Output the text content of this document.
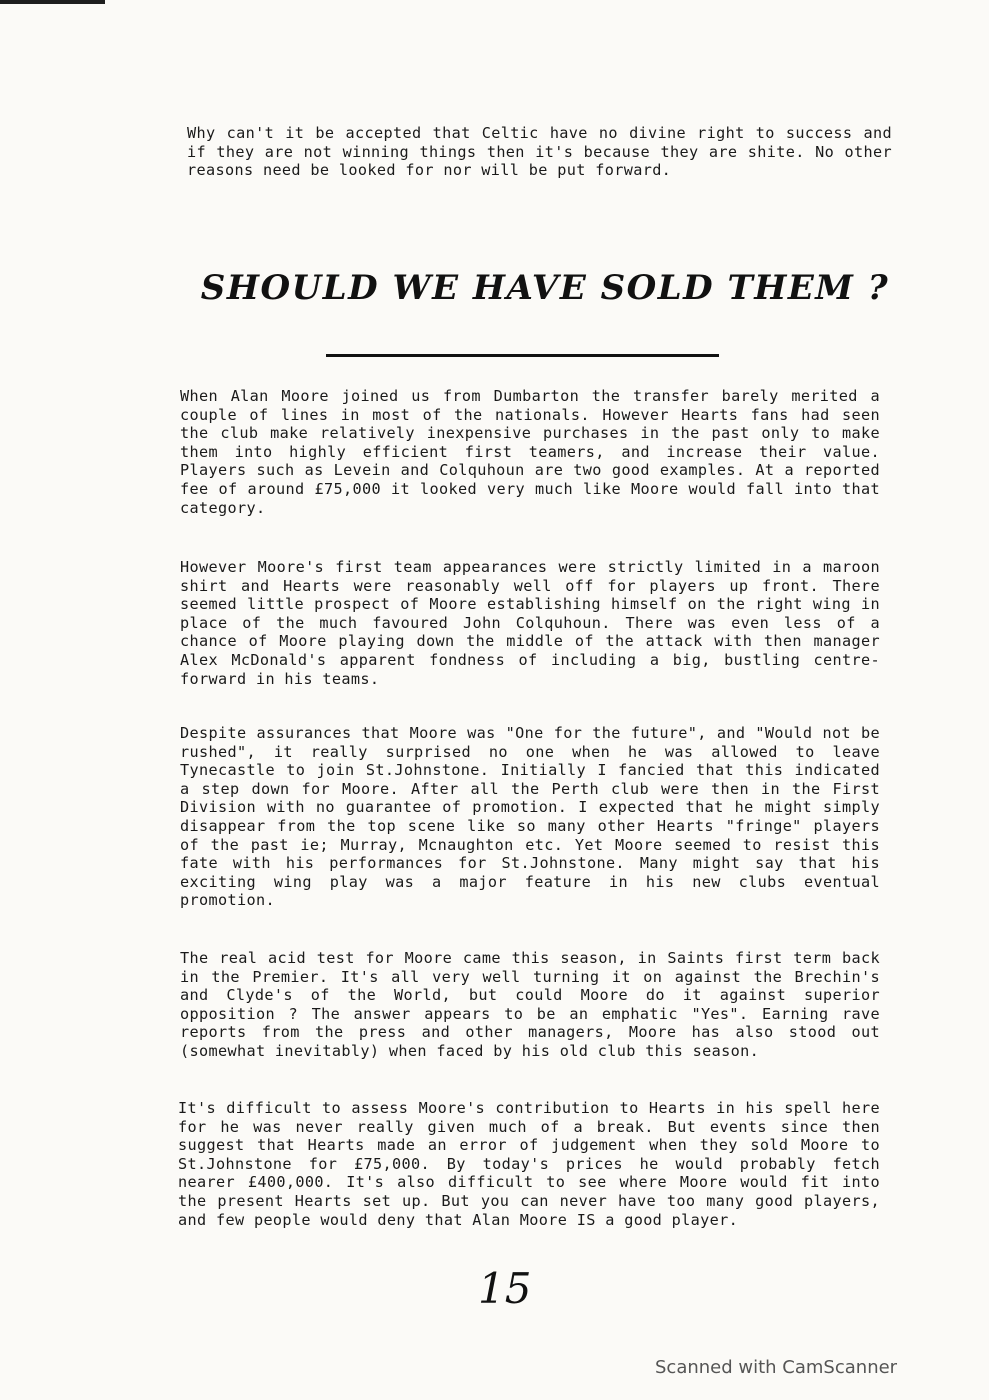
Why can't it be accepted that Celtic have no divine right to success and if they are not winning things then it's because they are shite. No other reasons need be looked for nor will be put forward.

SHOULD WE HAVE SOLD THEM ?

When Alan Moore joined us from Dumbarton the transfer barely merited a couple of lines in most of the nationals. However Hearts fans had seen the club make relatively inexpensive purchases in the past only to make them into highly efficient first teamers, and increase their value. Players such as Levein and Colquhoun are two good examples. At a reported fee of around £75,000 it looked very much like Moore would fall into that category.

However Moore's first team appearances were strictly limited in a maroon shirt and Hearts were reasonably well off for players up front. There seemed little prospect of Moore establishing himself on the right wing in place of the much favoured John Colquhoun. There was even less of a chance of Moore playing down the middle of the attack with then manager Alex McDonald's apparent fondness of including a big, bustling centre-forward in his teams.

Despite assurances that Moore was "One for the future", and "Would not be rushed", it really surprised no one when he was allowed to leave Tynecastle to join St.Johnstone. Initially I fancied that this indicated a step down for Moore. After all the Perth club were then in the First Division with no guarantee of promotion. I expected that he might simply disappear from the top scene like so many other Hearts "fringe" players of the past ie; Murray, Mcnaughton etc. Yet Moore seemed to resist this fate with his performances for St.Johnstone. Many might say that his exciting wing play was a major feature in his new clubs eventual promotion.

The real acid test for Moore came this season, in Saints first term back in the Premier. It's all very well turning it on against the Brechin's and Clyde's of the World, but could Moore do it against superior opposition ? The answer appears to be an emphatic "Yes". Earning rave reports from the press and other managers, Moore has also stood out (somewhat inevitably) when faced by his old club this season.

It's difficult to assess Moore's contribution to Hearts in his spell here for he was never really given much of a break. But events since then suggest that Hearts made an error of judgement when they sold Moore to St.Johnstone for £75,000. By today's prices he would probably fetch nearer £400,000. It's also difficult to see where Moore would fit into the present Hearts set up. But you can never have too many good players, and few people would deny that Alan Moore IS a good player.

15
Scanned with CamScanner
